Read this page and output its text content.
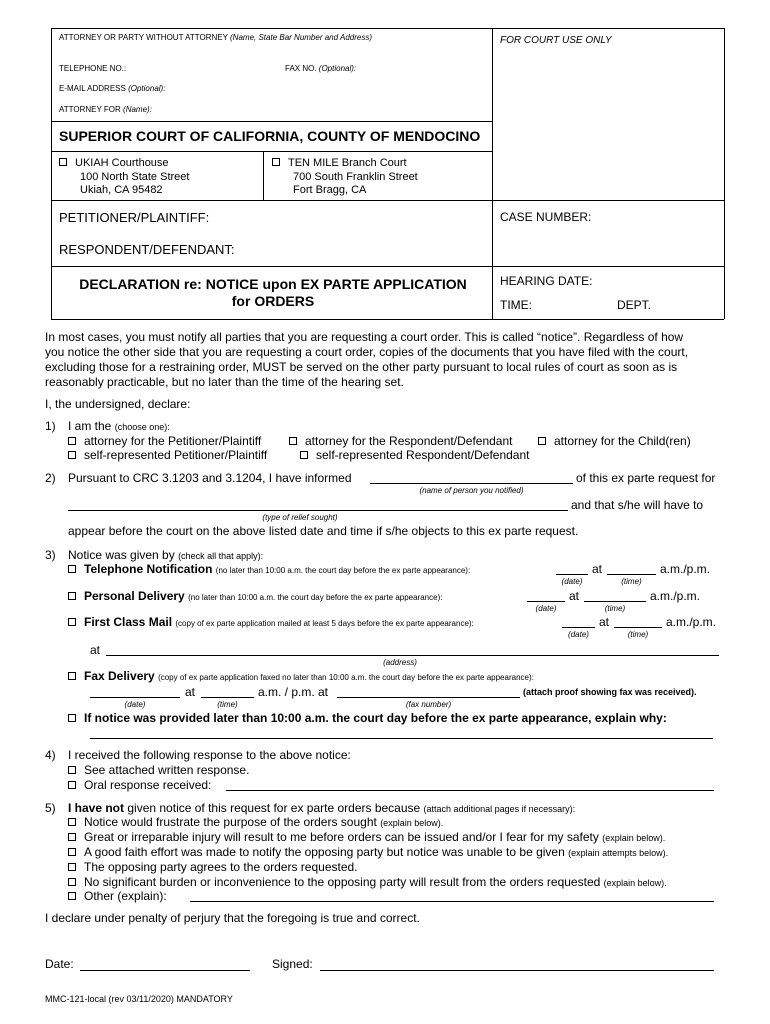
ATTORNEY OR PARTY WITHOUT ATTORNEY (Name, State Bar Number and Address)	FOR COURT USE ONLY
TELEPHONE NO.:	FAX NO. (Optional):
E-MAIL ADDRESS (Optional):
ATTORNEY FOR (Name):
SUPERIOR COURT OF CALIFORNIA, COUNTY OF MENDOCINO
UKIAH Courthouse
100 North State Street
Ukiah, CA 95482
TEN MILE Branch Court
700 South Franklin Street
Fort Bragg, CA
PETITIONER/PLAINTIFF:
RESPONDENT/DEFENDANT:
CASE NUMBER:
DECLARATION re: NOTICE upon EX PARTE APPLICATION
for ORDERS
HEARING DATE:
TIME:	DEPT.
In most cases, you must notify all parties that you are requesting a court order. This is called “notice”. Regardless of how
you notice the other side that you are requesting a court order, copies of the documents that you have filed with the court,
excluding those for a restraining order, MUST be served on the other party pursuant to local rules of court as soon as is
reasonably practicable, but no later than the time of the hearing set.
I, the undersigned, declare:
1) I am the (choose one):
attorney for the Petitioner/Plaintiff	attorney for the Respondent/Defendant	attorney for the Child(ren)
self-represented Petitioner/Plaintiff	self-represented Respondent/Defendant
2) Pursuant to CRC 3.1203 and 3.1204, I have informed	of this ex parte request for
(name of person you notified)
and that s/he will have to
(type of relief sought)
appear before the court on the above listed date and time if s/he objects to this ex parte request.
3) Notice was given by (check all that apply):
Telephone Notification (no later than 10:00 a.m. the court day before the ex parte appearance):	at	a.m./p.m.
(date)	(time)
Personal Delivery (no later than 10:00 a.m. the court day before the ex parte appearance):	at	a.m./p.m.
(date)	(time)
First Class Mail (copy of ex parte application mailed at least 5 days before the ex parte appearance):	at	a.m./p.m.
(date)	(time)
at
(address)
Fax Delivery (copy of ex parte application faxed no later than 10:00 a.m. the court day before the ex parte appearance):
at	a.m. / p.m. at	(attach proof showing fax was received).
(date)	(time)	(fax number)
If notice was provided later than 10:00 a.m. the court day before the ex parte appearance, explain why:
4) I received the following response to the above notice:
See attached written response.
Oral response received:
5) I have not given notice of this request for ex parte orders because (attach additional pages if necessary):
Notice would frustrate the purpose of the orders sought (explain below).
Great or irreparable injury will result to me before orders can be issued and/or I fear for my safety (explain below).
A good faith effort was made to notify the opposing party but notice was unable to be given (explain attempts below).
The opposing party agrees to the orders requested.
No significant burden or inconvenience to the opposing party will result from the orders requested (explain below).
Other (explain):
I declare under penalty of perjury that the foregoing is true and correct.
Date:	Signed:
MMC-121-local (rev 03/11/2020) MANDATORY
